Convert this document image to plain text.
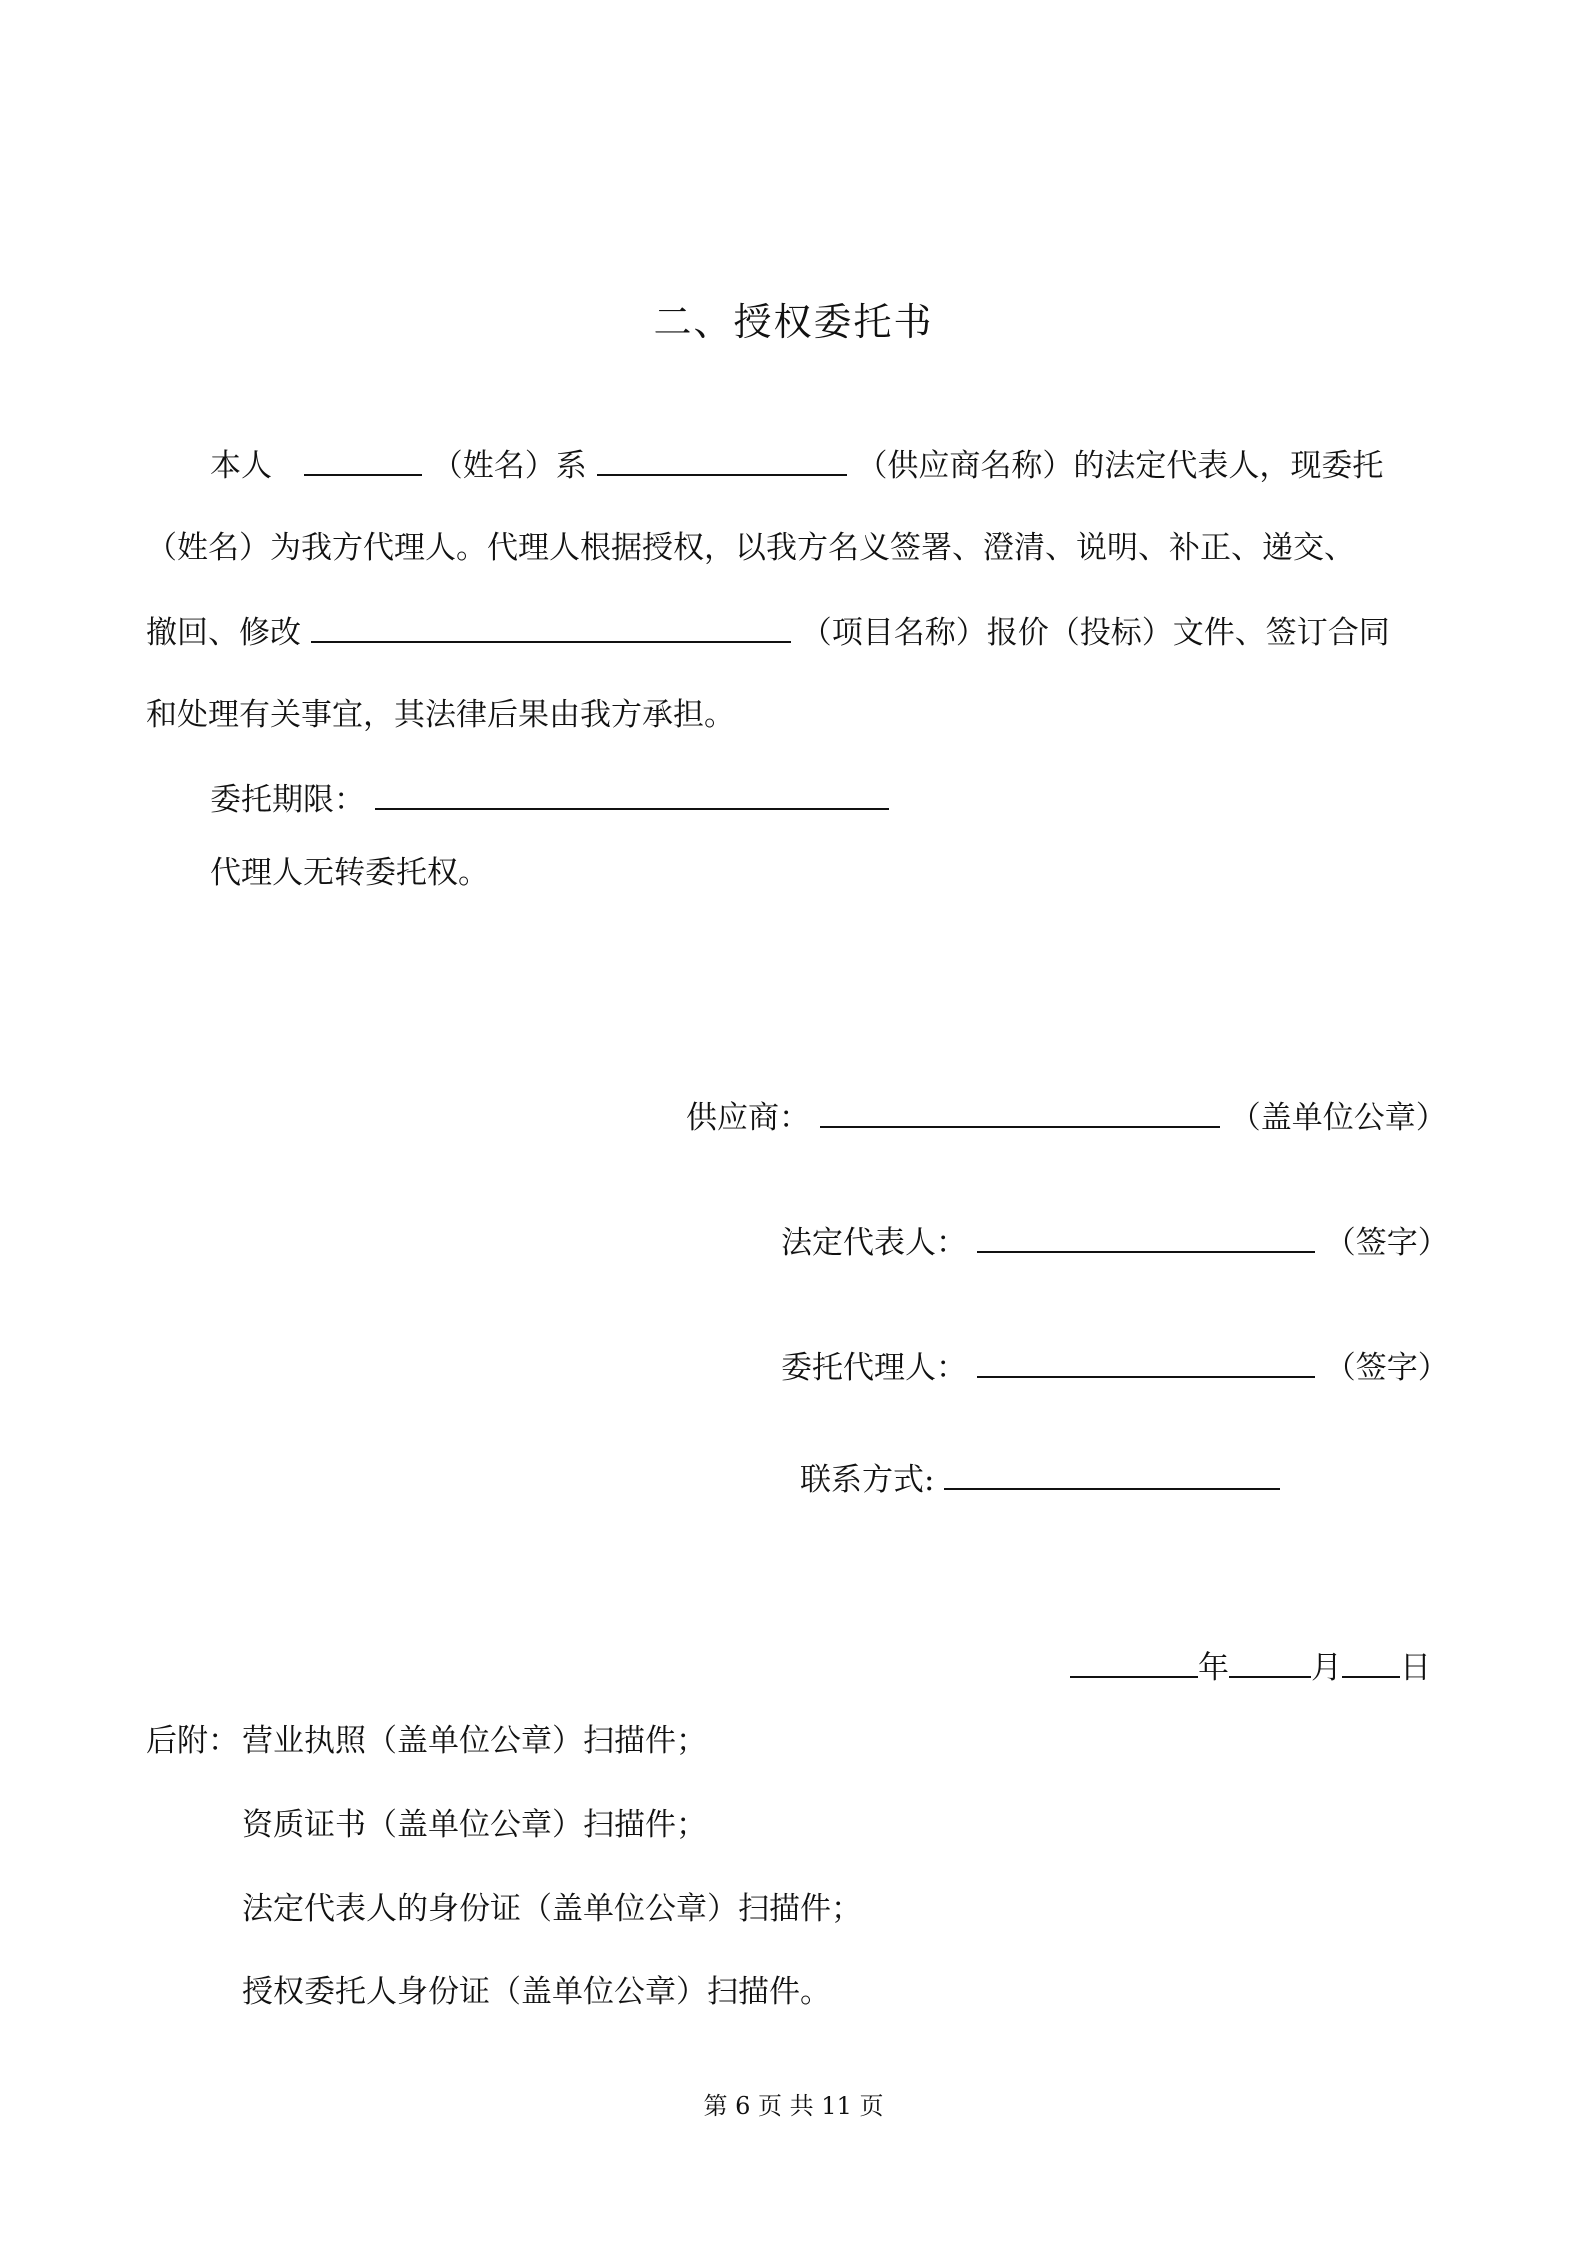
二、授权委托书
本人	（姓名）系	（供应商名称）的法定代表人，现委托
（姓名）为我方代理人。代理人根据授权，以我方名义签署、澄清、说明、补正、递交、
撤回、修改	（项目名称）报价（投标）文件、签订合同
和处理有关事宜，其法律后果由我方承担。
委托期限：
代理人无转委托权。
供应商：	（盖单位公章）
法定代表人：	（签字）
委托代理人：	（签字）
联系方式:
年	月 日
后附： 营业执照（盖单位公章）扫描件；
资质证书（盖单位公章）扫描件；
法定代表人的身份证（盖单位公章）扫描件；
授权委托人身份证（盖单位公章）扫描件。
第 6 页 共 11 页
